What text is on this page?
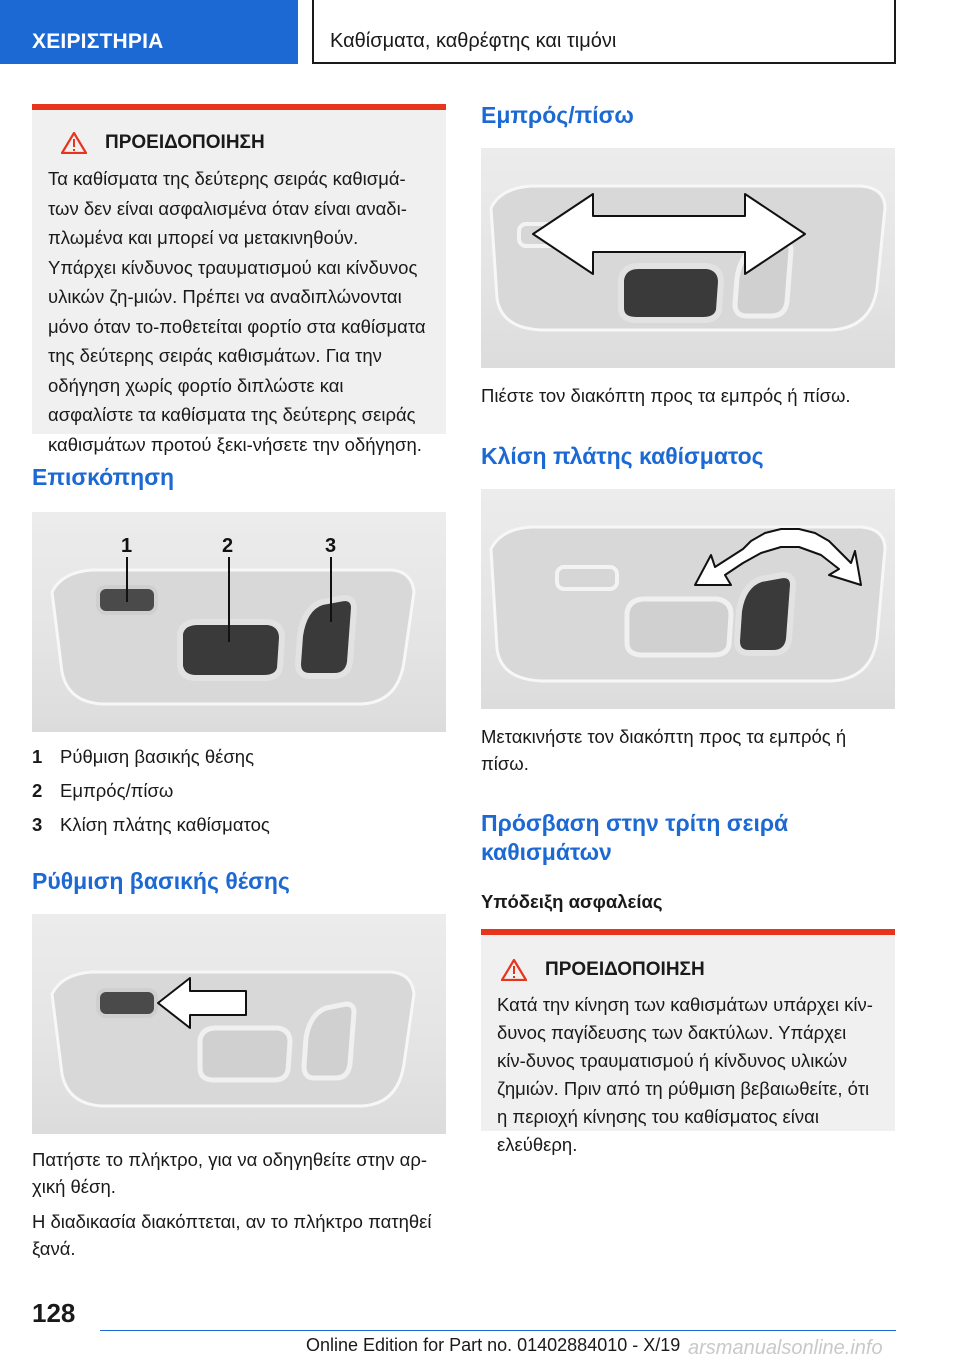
ΧΕΙΡΙΣΤΗΡΙΑ	Καθίσματα, καθρέφτης και τιμόνι
ΠΡΟΕΙΔΟΠΟΙΗΣΗ
Τα καθίσματα της δεύτερης σειράς καθισμά-των δεν είναι ασφαλισμένα όταν είναι αναδι-πλωμένα και μπορεί να μετακινηθούν. Υπάρχει κίνδυνος τραυματισμού και κίνδυνος υλικών ζη-μιών. Πρέπει να αναδιπλώνονται μόνο όταν το-ποθετείται φορτίο στα καθίσματα της δεύτερης σειράς καθισμάτων. Για την οδήγηση χωρίς φορτίο διπλώστε και ασφαλίστε τα καθίσματα της δεύτερης σειράς καθισμάτων προτού ξεκι-νήσετε την οδήγηση.
Επισκόπηση
1	2	3
1 Ρύθμιση βασικής θέσης
2 Εμπρός/πίσω
3 Κλίση πλάτης καθίσματος
Ρύθμιση βασικής θέσης

Πατήστε το πλήκτρο, για να οδηγηθείτε στην αρ-χική θέση.

Η διαδικασία διακόπτεται, αν το πλήκτρο πατηθεί ξανά.

Εμπρός/πίσω

Πιέστε τον διακόπτη προς τα εμπρός ή πίσω.

Κλίση πλάτης καθίσματος

Μετακινήστε τον διακόπτη προς τα εμπρός ή πίσω.

Πρόσβαση στην τρίτη σειρά καθισμάτων
Υπόδειξη ασφαλείας
ΠΡΟΕΙΔΟΠΟΙΗΣΗ
Κατά την κίνηση των καθισμάτων υπάρχει κίν-δυνος παγίδευσης των δακτύλων. Υπάρχει κίν-δυνος τραυματισμού ή κίνδυνος υλικών ζημιών. Πριν από τη ρύθμιση βεβαιωθείτε, ότι η περιοχή κίνησης του καθίσματος είναι ελεύθερη.
128
Online Edition for Part no. 01402884010 - X/19 arsmanualsonline.info
